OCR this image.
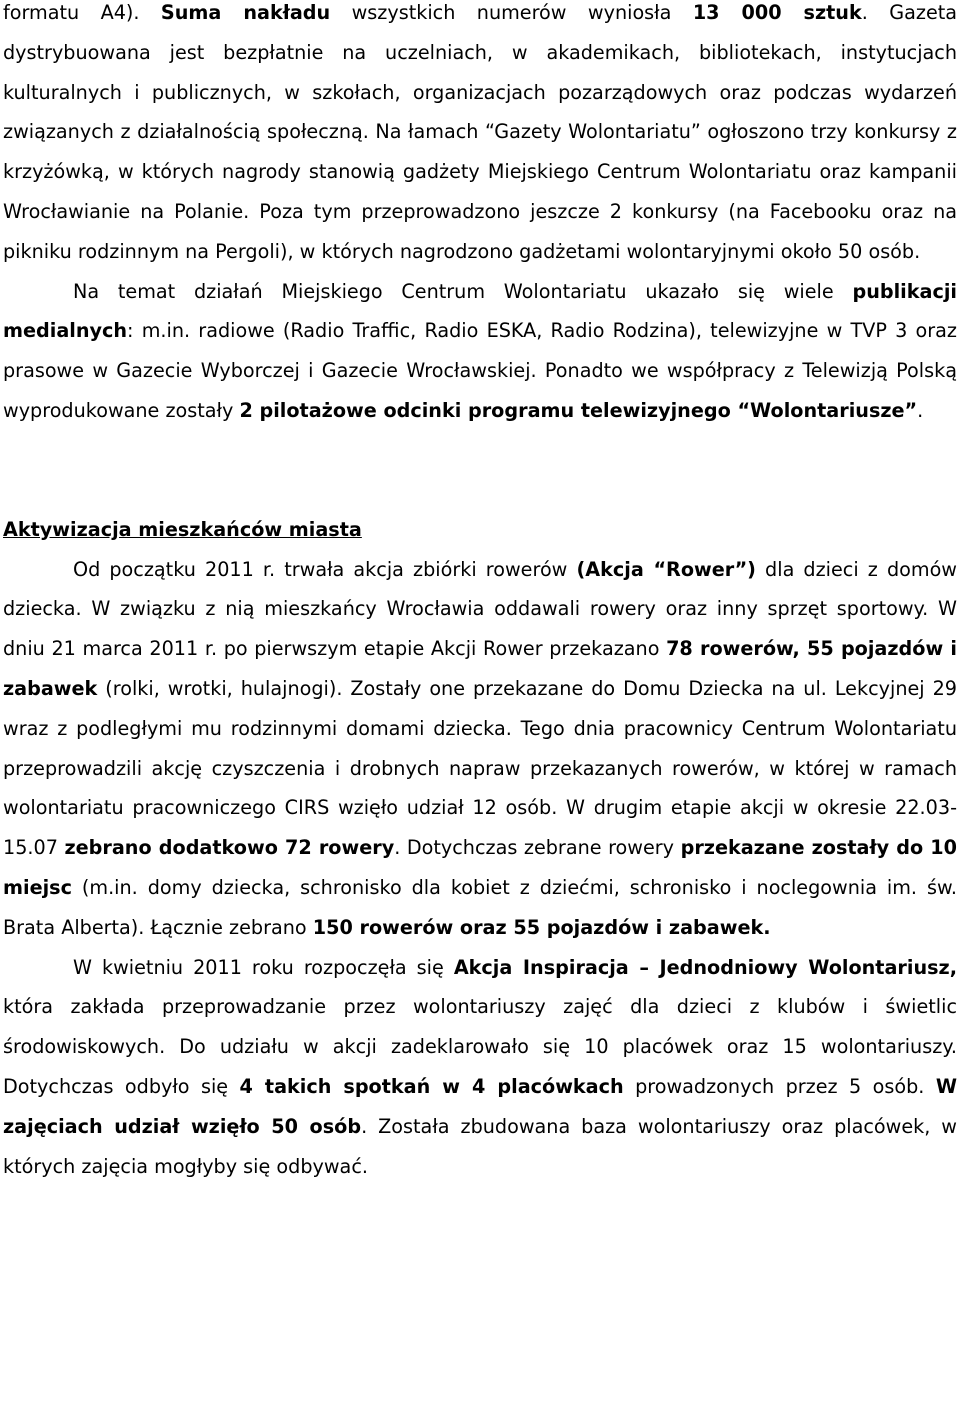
formatu A4). Suma nakładu wszystkich numerów wyniosła 13 000 sztuk. Gazeta dystrybuowana jest bezpłatnie na uczelniach, w akademikach, bibliotekach, instytucjach kulturalnych i publicznych, w szkołach, organizacjach pozarządowych oraz podczas wydarzeń związanych z działalnością społeczną. Na łamach “Gazety Wolontariatu” ogłoszono trzy konkursy z krzyżówką, w których nagrody stanowią gadżety Miejskiego Centrum Wolontariatu oraz kampanii Wrocławianie na Polanie. Poza tym przeprowadzono jeszcze 2 konkursy (na Facebooku oraz na pikniku rodzinnym na Pergoli), w których nagrodzono gadżetami wolontaryjnymi około 50 osób.

Na temat działań Miejskiego Centrum Wolontariatu ukazało się wiele publikacji medialnych: m.in. radiowe (Radio Traffic, Radio ESKA, Radio Rodzina), telewizyjne w TVP 3 oraz prasowe w Gazecie Wyborczej i Gazecie Wrocławskiej. Ponadto we współpracy z Telewizją Polską wyprodukowane zostały 2 pilotażowe odcinki programu telewizyjnego “Wolontariusze”.

Aktywizacja mieszkańców miasta

Od początku 2011 r. trwała akcja zbiórki rowerów (Akcja “Rower”) dla dzieci z domów dziecka. W związku z nią mieszkańcy Wrocławia oddawali rowery oraz inny sprzęt sportowy. W dniu 21 marca 2011 r. po pierwszym etapie Akcji Rower przekazano 78 rowerów, 55 pojazdów i zabawek (rolki, wrotki, hulajnogi). Zostały one przekazane do Domu Dziecka na ul. Lekcyjnej 29 wraz z podległymi mu rodzinnymi domami dziecka. Tego dnia pracownicy Centrum Wolontariatu przeprowadzili akcję czyszczenia i drobnych napraw przekazanych rowerów, w której w ramach wolontariatu pracowniczego CIRS wzięło udział 12 osób. W drugim etapie akcji w okresie 22.03-15.07 zebrano dodatkowo 72 rowery. Dotychczas zebrane rowery przekazane zostały do 10 miejsc (m.in. domy dziecka, schronisko dla kobiet z dziećmi, schronisko i noclegownia im. św. Brata Alberta). Łącznie zebrano 150 rowerów oraz 55 pojazdów i zabawek.

W kwietniu 2011 roku rozpoczęła się Akcja Inspiracja – Jednodniowy Wolontariusz, która zakłada przeprowadzanie przez wolontariuszy zajęć dla dzieci z klubów i świetlic środowiskowych. Do udziału w akcji zadeklarowało się 10 placówek oraz 15 wolontariuszy. Dotychczas odbyło się 4 takich spotkań w 4 placówkach prowadzonych przez 5 osób. W zajęciach udział wzięło 50 osób. Została zbudowana baza wolontariuszy oraz placówek, w których zajęcia mogłyby się odbywać.
